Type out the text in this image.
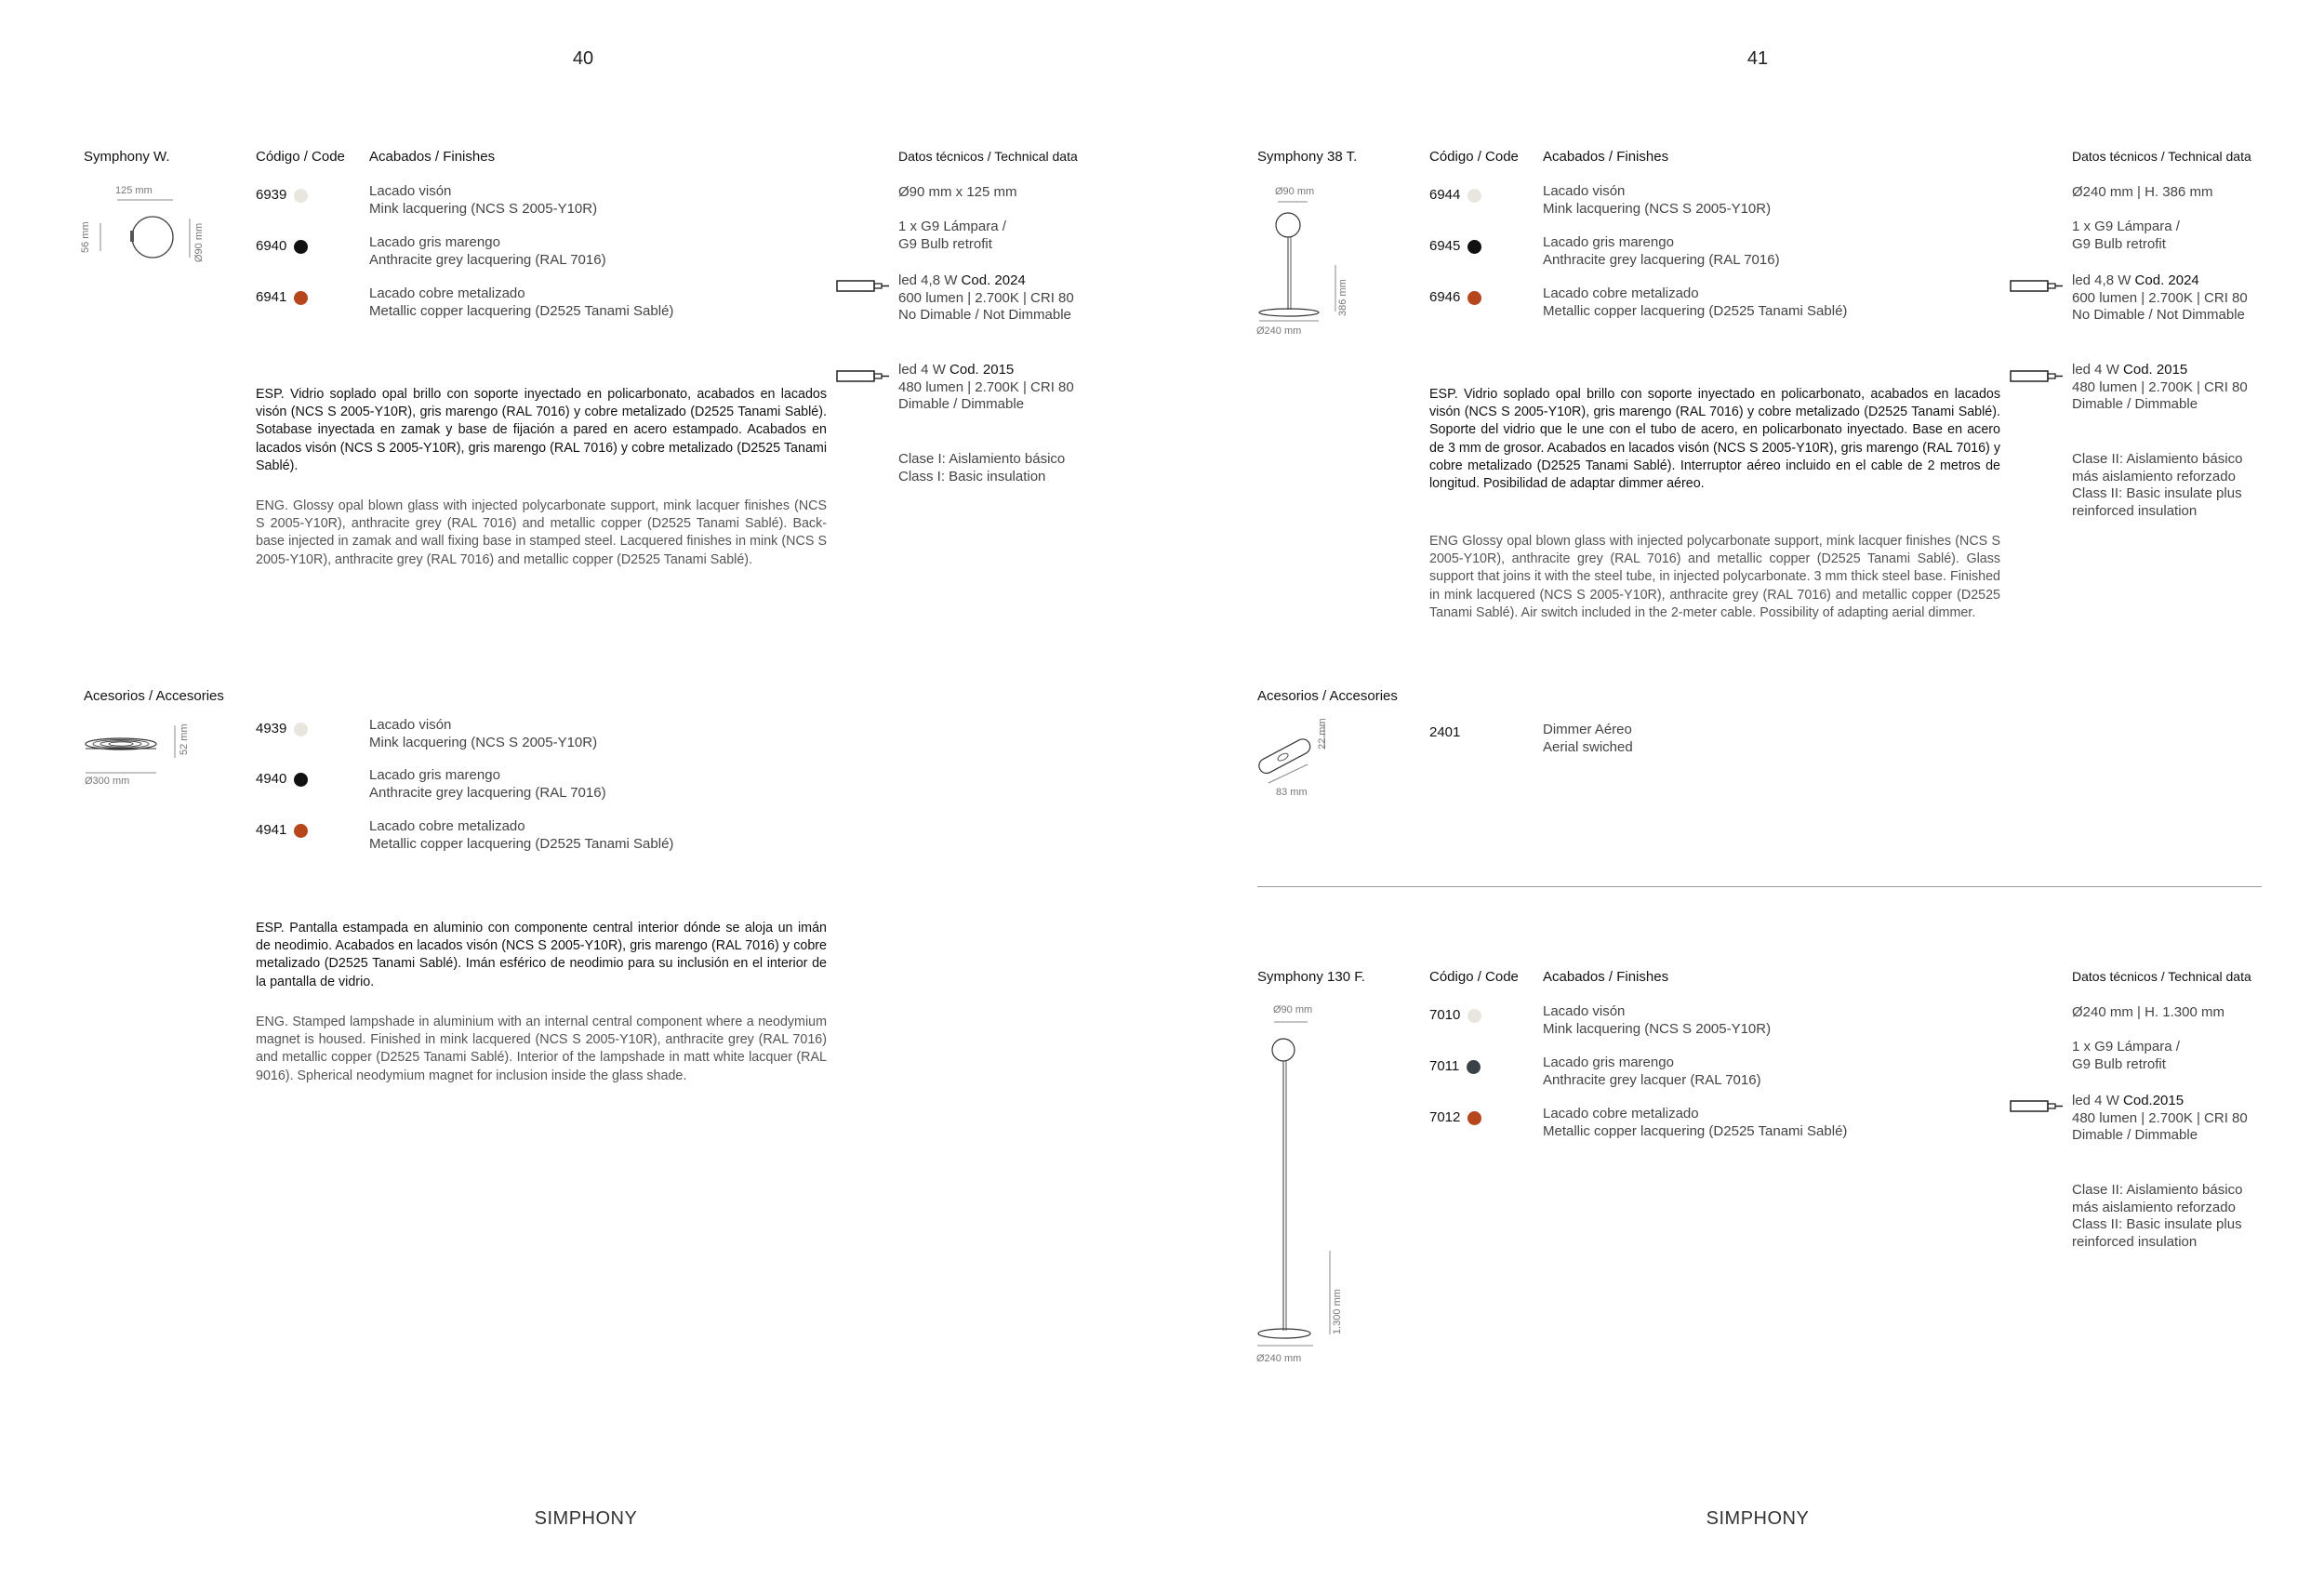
40
Symphony W.	Código / Code Acabados / Finishes	Datos técnicos / Technical data
125 mm
56 mm	Ø90 mm
6939	Lacado visón
Mink lacquering (NCS S 2005-Y10R)
6940	Lacado gris marengo
Anthracite grey lacquering (RAL 7016)
6941	Lacado cobre metalizado
Metallic copper lacquering (D2525 Tanami Sablé)
Ø90 mm x 125 mm
1 x G9 Lámpara /
G9 Bulb retrofit
led 4,8 W Cod. 2024
600 lumen | 2.700K | CRI 80
No Dimable / Not Dimmable
led 4 W Cod. 2015
480 lumen | 2.700K | CRI 80
Dimable / Dimmable
Clase I: Aislamiento básico
Class I: Basic insulation
ESP. Vidrio soplado opal brillo con soporte inyectado en policarbonato, acabados en lacados visón (NCS S 2005-Y10R), gris marengo (RAL 7016) y cobre metalizado (D2525 Tanami Sablé). Sotabase inyectada en zamak y base de fijación a pared en acero estampado. Acabados en lacados visón (NCS S 2005-Y10R), gris marengo (RAL 7016) y cobre metalizado (D2525 Tanami Sablé).
ENG. Glossy opal blown glass with injected polycarbonate support, mink lacquer finishes (NCS S 2005-Y10R), anthracite grey (RAL 7016) and metallic copper (D2525 Tanami Sablé). Back-base injected in zamak and wall fixing base in stamped steel. Lacquered finishes in mink (NCS S 2005-Y10R), anthracite grey (RAL 7016) and metallic copper (D2525 Tanami Sablé).
Acesorios / Accesories
52 mm
Ø300 mm
4939	Lacado visón
Mink lacquering (NCS S 2005-Y10R)
4940	Lacado gris marengo
Anthracite grey lacquering (RAL 7016)
4941	Lacado cobre metalizado
Metallic copper lacquering (D2525 Tanami Sablé)
ESP. Pantalla estampada en aluminio con componente central interior dónde se aloja un imán de neodimio. Acabados en lacados visón (NCS S 2005-Y10R), gris marengo (RAL 7016) y cobre metalizado (D2525 Tanami Sablé). Imán esférico de neodimio para su inclusión en el interior de la pantalla de vidrio.
ENG. Stamped lampshade in aluminium with an internal central component where a neodymium magnet is housed. Finished in mink lacquered (NCS S 2005-Y10R), anthracite grey (RAL 7016) and metallic copper (D2525 Tanami Sablé). Interior of the lampshade in matt white lacquer (RAL 9016). Spherical neodymium magnet for inclusion inside the glass shade.
SIMPHONY
41
Symphony 38 T.	Código / Code Acabados / Finishes	Datos técnicos / Technical data
Ø90 mm
386 mm
Ø240 mm
6944	Lacado visón
Mink lacquering (NCS S 2005-Y10R)
6945	Lacado gris marengo
Anthracite grey lacquering (RAL 7016)
6946	Lacado cobre metalizado
Metallic copper lacquering (D2525 Tanami Sablé)
Ø240 mm | H. 386 mm
1 x G9 Lámpara /
G9 Bulb retrofit
led 4,8 W Cod. 2024
600 lumen | 2.700K | CRI 80
No Dimable / Not Dimmable
led 4 W Cod. 2015
480 lumen | 2.700K | CRI 80
Dimable / Dimmable
Clase II: Aislamiento básico
más aislamiento reforzado
Class II: Basic insulate plus
reinforced insulation
ESP. Vidrio soplado opal brillo con soporte inyectado en policarbonato, acabados en lacados visón (NCS S 2005-Y10R), gris marengo (RAL 7016) y cobre metalizado (D2525 Tanami Sablé). Soporte del vidrio que le une con el tubo de acero, en policarbonato inyectado. Base en acero de 3 mm de grosor. Acabados en lacados visón (NCS S 2005-Y10R), gris marengo (RAL 7016) y cobre metalizado (D2525 Tanami Sablé). Interruptor aéreo incluido en el cable de 2 metros de longitud. Posibilidad de adaptar dimmer aéreo.
ENG Glossy opal blown glass with injected polycarbonate support, mink lacquer finishes (NCS S 2005-Y10R), anthracite grey (RAL 7016) and metallic copper (D2525 Tanami Sablé). Glass support that joins it with the steel tube, in injected polycarbonate. 3 mm thick steel base. Finished in mink lacquered (NCS S 2005-Y10R), anthracite grey (RAL 7016) and metallic copper (D2525 Tanami Sablé). Air switch included in the 2-meter cable. Possibility of adapting aerial dimmer.
Acesorios / Accesories
22 mm
83 mm
2401	Dimmer Aéreo
Aerial swiched
Symphony 130 F.	Código / Code Acabados / Finishes	Datos técnicos / Technical data
Ø90 mm
1.300 mm
Ø240 mm
7010	Lacado visón
Mink lacquering (NCS S 2005-Y10R)
7011	Lacado gris marengo
Anthracite grey lacquer (RAL 7016)
7012	Lacado cobre metalizado
Metallic copper lacquering (D2525 Tanami Sablé)
Ø240 mm | H. 1.300 mm
1 x G9 Lámpara /
G9 Bulb retrofit
led 4 W Cod.2015
480 lumen | 2.700K | CRI 80
Dimable / Dimmable
Clase II: Aislamiento básico
más aislamiento reforzado
Class II: Basic insulate plus
reinforced insulation
SIMPHONY
